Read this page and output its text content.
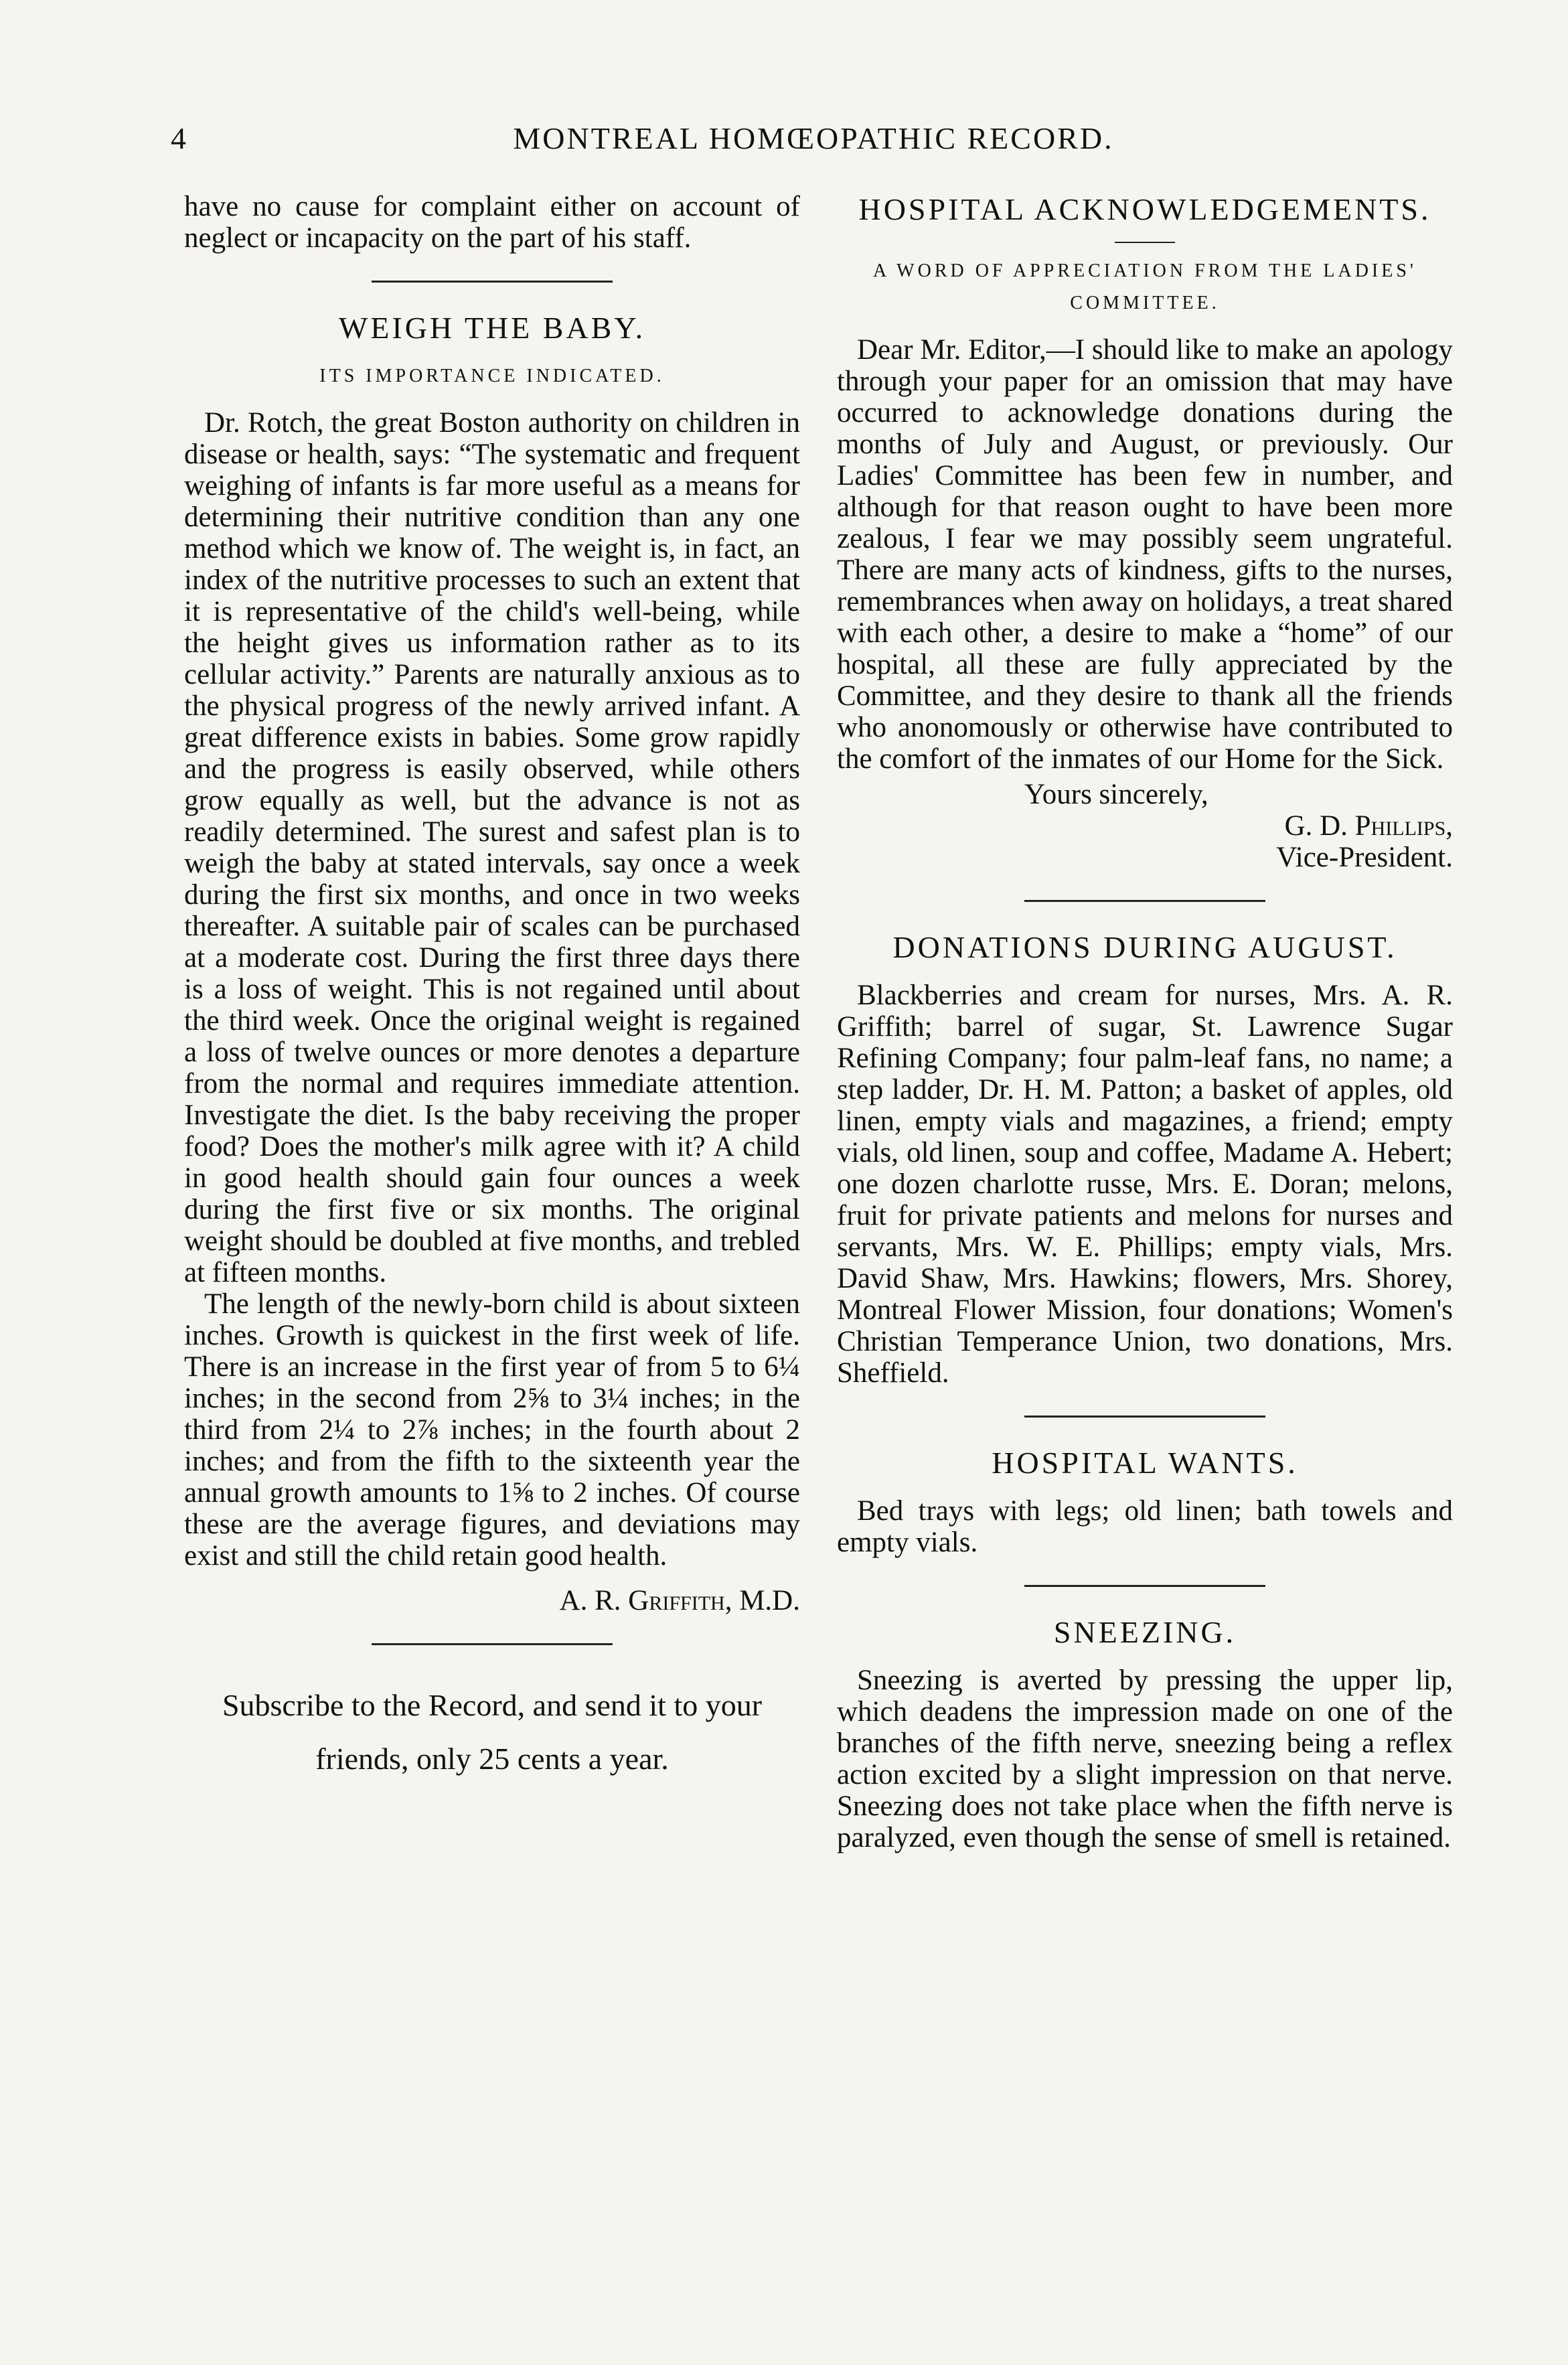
4	MONTREAL HOMŒOPATHIC RECORD.

have no cause for complaint either on account of neglect or incapacity on the part of his staff.

WEIGH THE BABY.
ITS IMPORTANCE INDICATED.

Dr. Rotch, the great Boston authority on children in disease or health, says: “The systematic and frequent weighing of infants is far more useful as a means for determining their nutritive condition than any one method which we know of. The weight is, in fact, an index of the nutritive processes to such an extent that it is representative of the child's well-being, while the height gives us information rather as to its cellular activity.” Parents are naturally anxious as to the physical progress of the newly arrived infant. A great difference exists in babies. Some grow rapidly and the progress is easily observed, while others grow equally as well, but the advance is not as readily determined. The surest and safest plan is to weigh the baby at stated intervals, say once a week during the first six months, and once in two weeks thereafter. A suitable pair of scales can be purchased at a moderate cost. During the first three days there is a loss of weight. This is not regained until about the third week. Once the original weight is regained a loss of twelve ounces or more denotes a departure from the normal and requires immediate attention. Investigate the diet. Is the baby receiving the proper food? Does the mother's milk agree with it? A child in good health should gain four ounces a week during the first five or six months. The original weight should be doubled at five months, and trebled at fifteen months.

The length of the newly-born child is about sixteen inches. Growth is quickest in the first week of life. There is an increase in the first year of from 5 to 6¼ inches; in the second from 2⅝ to 3¼ inches; in the third from 2¼ to 2⅞ inches; in the fourth about 2 inches; and from the fifth to the sixteenth year the annual growth amounts to 1⅝ to 2 inches. Of course these are the average figures, and deviations may exist and still the child retain good health.

A. R. Griffith, M.D.
Subscribe to the Record, and send it to your friends, only 25 cents a year.
HOSPITAL ACKNOWLEDGEMENTS.
A WORD OF APPRECIATION FROM THE LADIES' COMMITTEE.

Dear Mr. Editor,—I should like to make an apology through your paper for an omission that may have occurred to acknowledge donations during the months of July and August, or previously. Our Ladies' Committee has been few in number, and although for that reason ought to have been more zealous, I fear we may possibly seem ungrateful. There are many acts of kindness, gifts to the nurses, remembrances when away on holidays, a treat shared with each other, a desire to make a “home” of our hospital, all these are fully appreciated by the Committee, and they desire to thank all the friends who anonomously or otherwise have contributed to the comfort of the inmates of our Home for the Sick.

Yours sincerely,
G. D. Phillips,
Vice-President.
DONATIONS DURING AUGUST.

Blackberries and cream for nurses, Mrs. A. R. Griffith; barrel of sugar, St. Lawrence Sugar Refining Company; four palm-leaf fans, no name; a step ladder, Dr. H. M. Patton; a basket of apples, old linen, empty vials and magazines, a friend; empty vials, old linen, soup and coffee, Madame A. Hebert; one dozen charlotte russe, Mrs. E. Doran; melons, fruit for private patients and melons for nurses and servants, Mrs. W. E. Phillips; empty vials, Mrs. David Shaw, Mrs. Hawkins; flowers, Mrs. Shorey, Montreal Flower Mission, four donations; Women's Christian Temperance Union, two donations, Mrs. Sheffield.

HOSPITAL WANTS.

Bed trays with legs; old linen; bath towels and empty vials.

SNEEZING.

Sneezing is averted by pressing the upper lip, which deadens the impression made on one of the branches of the fifth nerve, sneezing being a reflex action excited by a slight impression on that nerve. Sneezing does not take place when the fifth nerve is paralyzed, even though the sense of smell is retained.
